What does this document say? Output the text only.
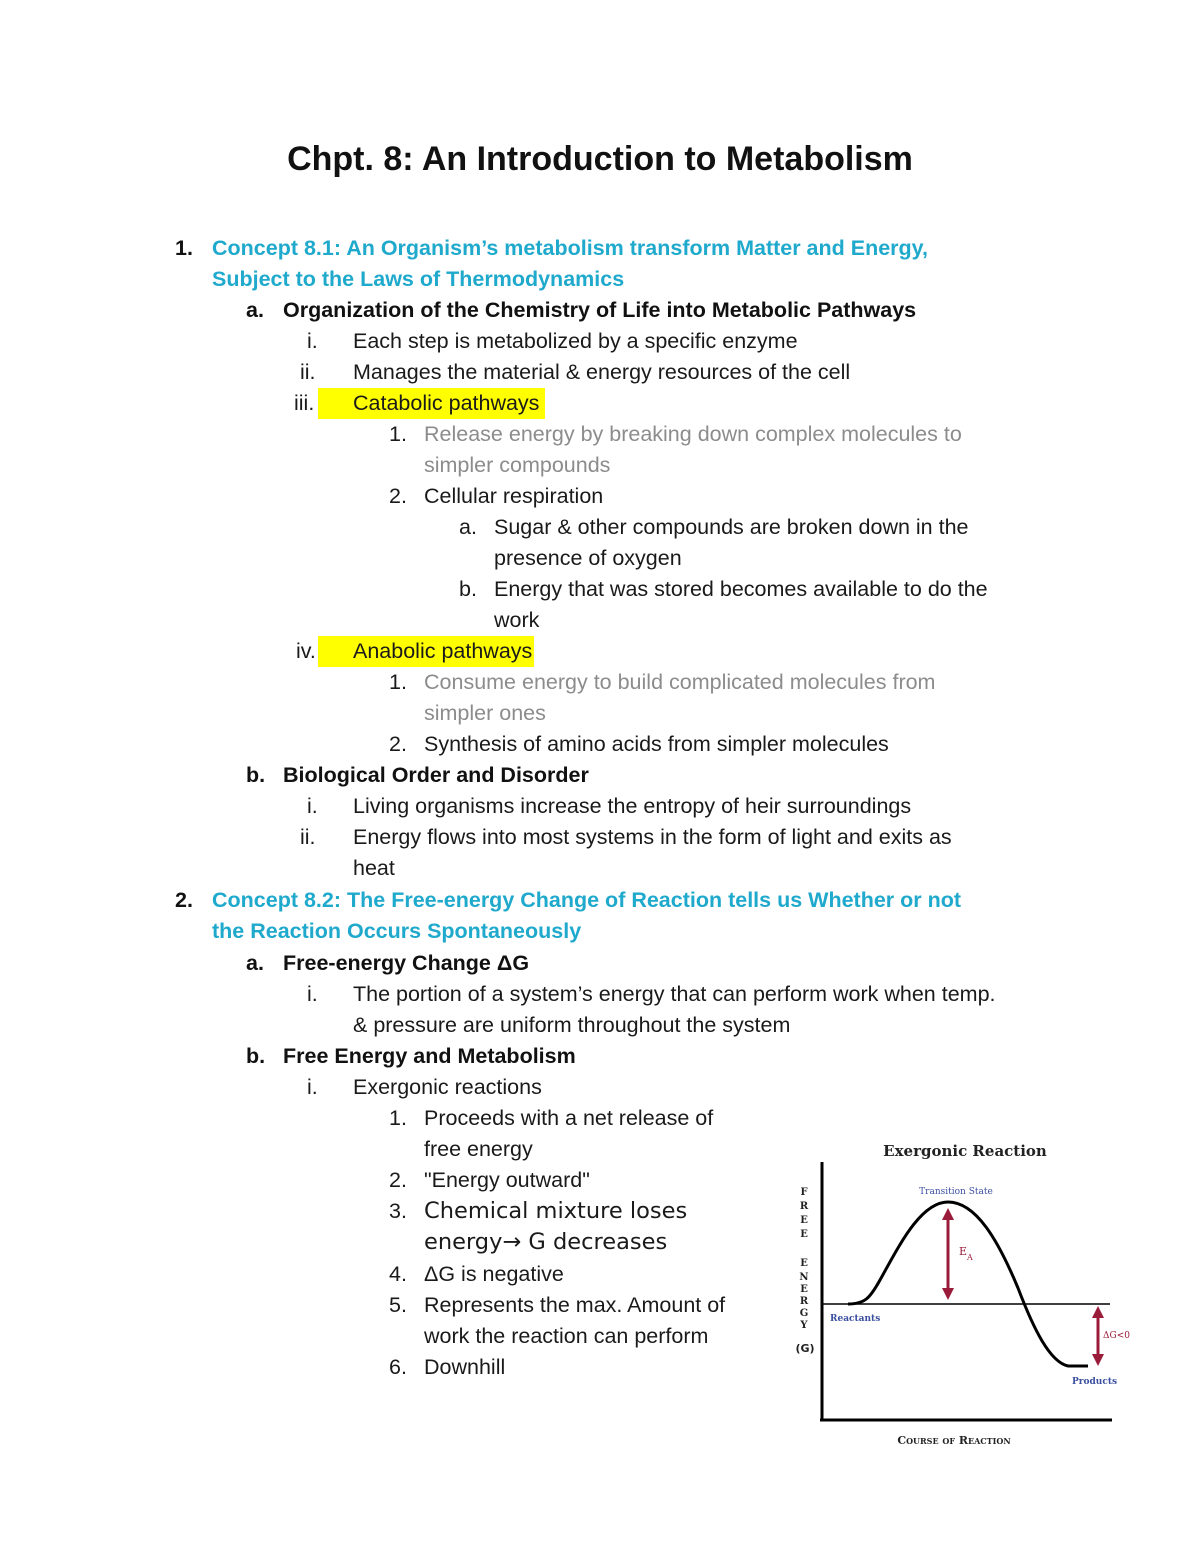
Chpt. 8: An Introduction to Metabolism
1. Concept 8.1: An Organism’s metabolism transform Matter and Energy,
Subject to the Laws of Thermodynamics
a. Organization of the Chemistry of Life into Metabolic Pathways
i. Each step is metabolized by a specific enzyme
ii. Manages the material & energy resources of the cell
iii.	Catabolic pathways
1. Release energy by breaking down complex molecules to
simpler compounds
2. Cellular respiration
a. Sugar & other compounds are broken down in the
presence of oxygen
b. Energy that was stored becomes available to do the
work
iv.	Anabolic pathways
1. Consume energy to build complicated molecules from
simpler ones
2. Synthesis of amino acids from simpler molecules
b. Biological Order and Disorder
i. Living organisms increase the entropy of heir surroundings
ii. Energy flows into most systems in the form of light and exits as
heat
2. Concept 8.2: The Free-energy Change of Reaction tells us Whether or not
the Reaction Occurs Spontaneously
a. Free-energy Change ΔG
i. The portion of a system’s energy that can perform work when temp.
& pressure are uniform throughout the system
b. Free Energy and Metabolism
i. Exergonic reactions
1. Proceeds with a net release of
free energy
2. "Energy outward"
3. Chemical mixture loses
energy→ G decreases
4. ΔG is negative
5. Represents the max. Amount of
work the reaction can perform
6. Downhill
Exergonic Reaction
F
R
E
E
E
N
E
R
G
Y
(G)
Transition State
$E_A$
Reactants
ΔG<0
Products
Course of Reaction
